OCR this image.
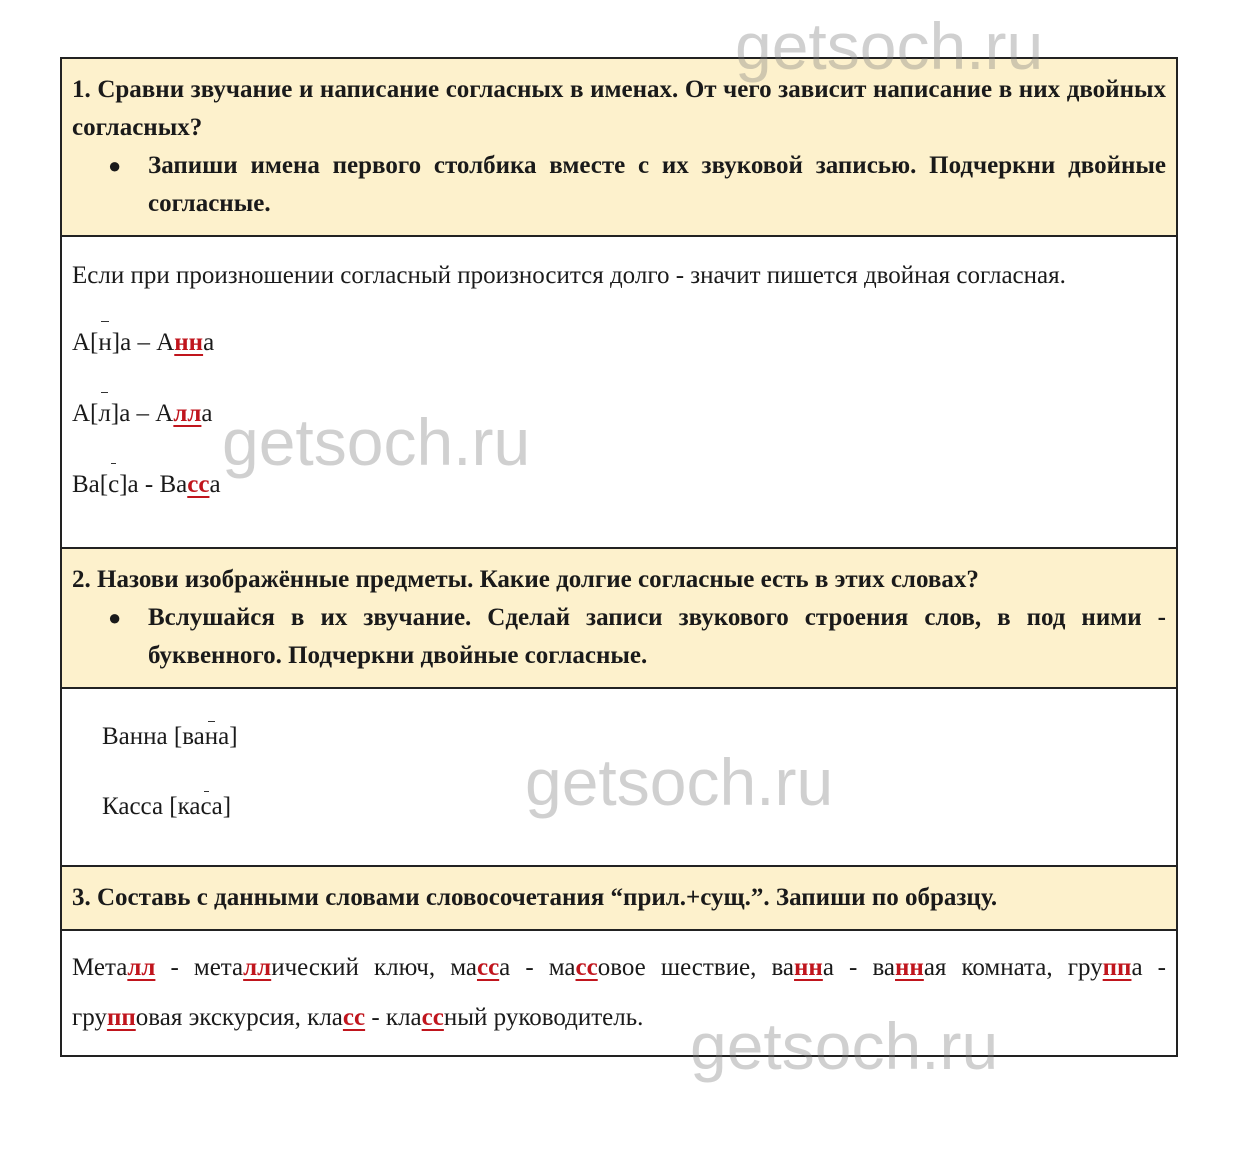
1. Сравни звучание и написание согласных в именах. От чего зависит написание в них двойных согласных?
● Запиши имена первого столбика вместе с их звуковой записью. Подчеркни двойные согласные.
Если при произношении согласный произносится долго - значит пишется двойная согласная.
А[н]а – Анна
А[л]а – Алла
Ва[с]а - Васса
2. Назови изображённые предметы. Какие долгие согласные есть в этих словах?
● Вслушайся в их звучание. Сделай записи звукового строения слов, в под ними - буквенного. Подчеркни двойные согласные.
Ванна [вана]
Касса [каса]
3. Составь с данными словами словосочетания “прил.+сущ.”. Запиши по образцу.
Металл - металлический ключ, масса - массовое шествие, ванна - ванная комната, группа - групповая экскурсия, класс - классный руководитель.
getsoch.ru
getsoch.ru
getsoch.ru
getsoch.ru
